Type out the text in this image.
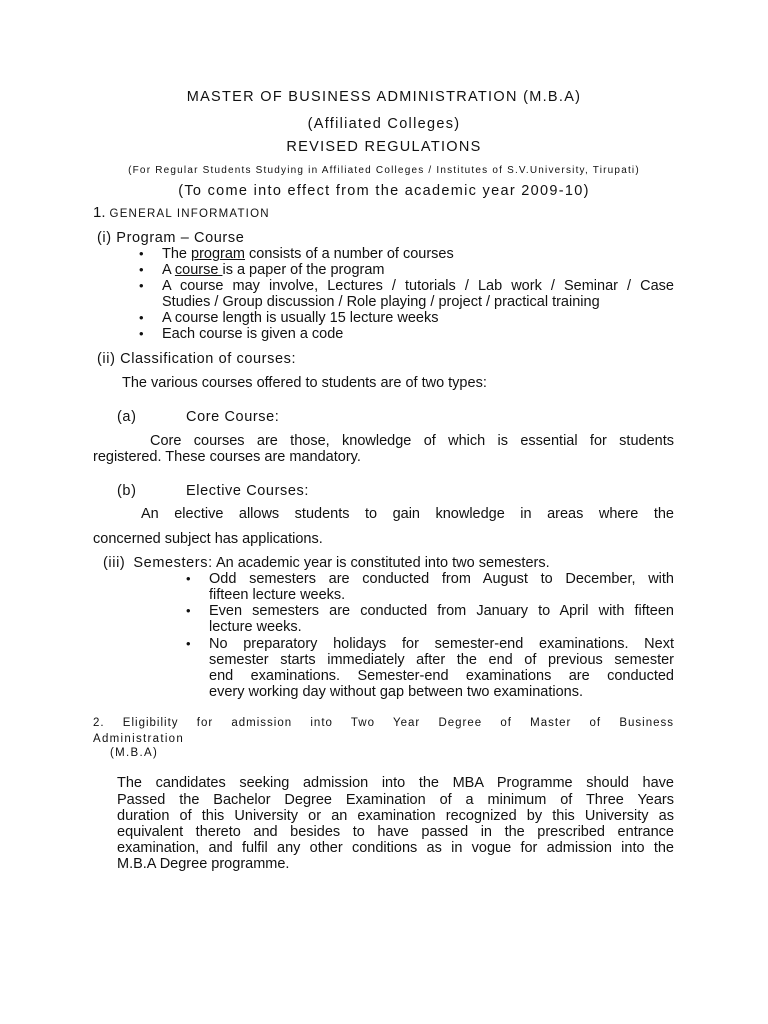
MASTER OF BUSINESS ADMINISTRATION (M.B.A)
(Affiliated Colleges)
REVISED REGULATIONS
(For Regular Students Studying in Affiliated Colleges / Institutes of S.V.University, Tirupati)
(To come into effect from the academic year 2009-10)
1. GENERAL INFORMATION
(i) Program – Course
• The program consists of a number of courses
• A course is a paper of the program
• A course may involve, Lectures / tutorials / Lab work / Seminar / Case
Studies / Group discussion / Role playing / project / practical training
• A course length is usually 15 lecture weeks
• Each course is given a code
(ii) Classification of courses:
The various courses offered to students are of two types:
(a)	Core Course:
Core courses are those, knowledge of which is essential for students
registered. These courses are mandatory.
(b)	Elective Courses:
An elective allows students to gain knowledge in areas where the
concerned subject has applications.
(iii) Semesters: An academic year is constituted into two semesters.
• Odd semesters are conducted from August to December, with
fifteen lecture weeks.
• Even semesters are conducted from January to April with fifteen
lecture weeks.
• No preparatory holidays for semester-end examinations. Next
semester starts immediately after the end of previous semester
end examinations. Semester-end examinations are conducted
every working day without gap between two examinations.
2. Eligibility for admission into Two Year Degree of Master of Business
Administration
(M.B.A)
The candidates seeking admission into the MBA Programme should have
Passed the Bachelor Degree Examination of a minimum of Three Years
duration of this University or an examination recognized by this University as
equivalent thereto and besides to have passed in the prescribed entrance
examination, and fulfil any other conditions as in vogue for admission into the
M.B.A Degree programme.
